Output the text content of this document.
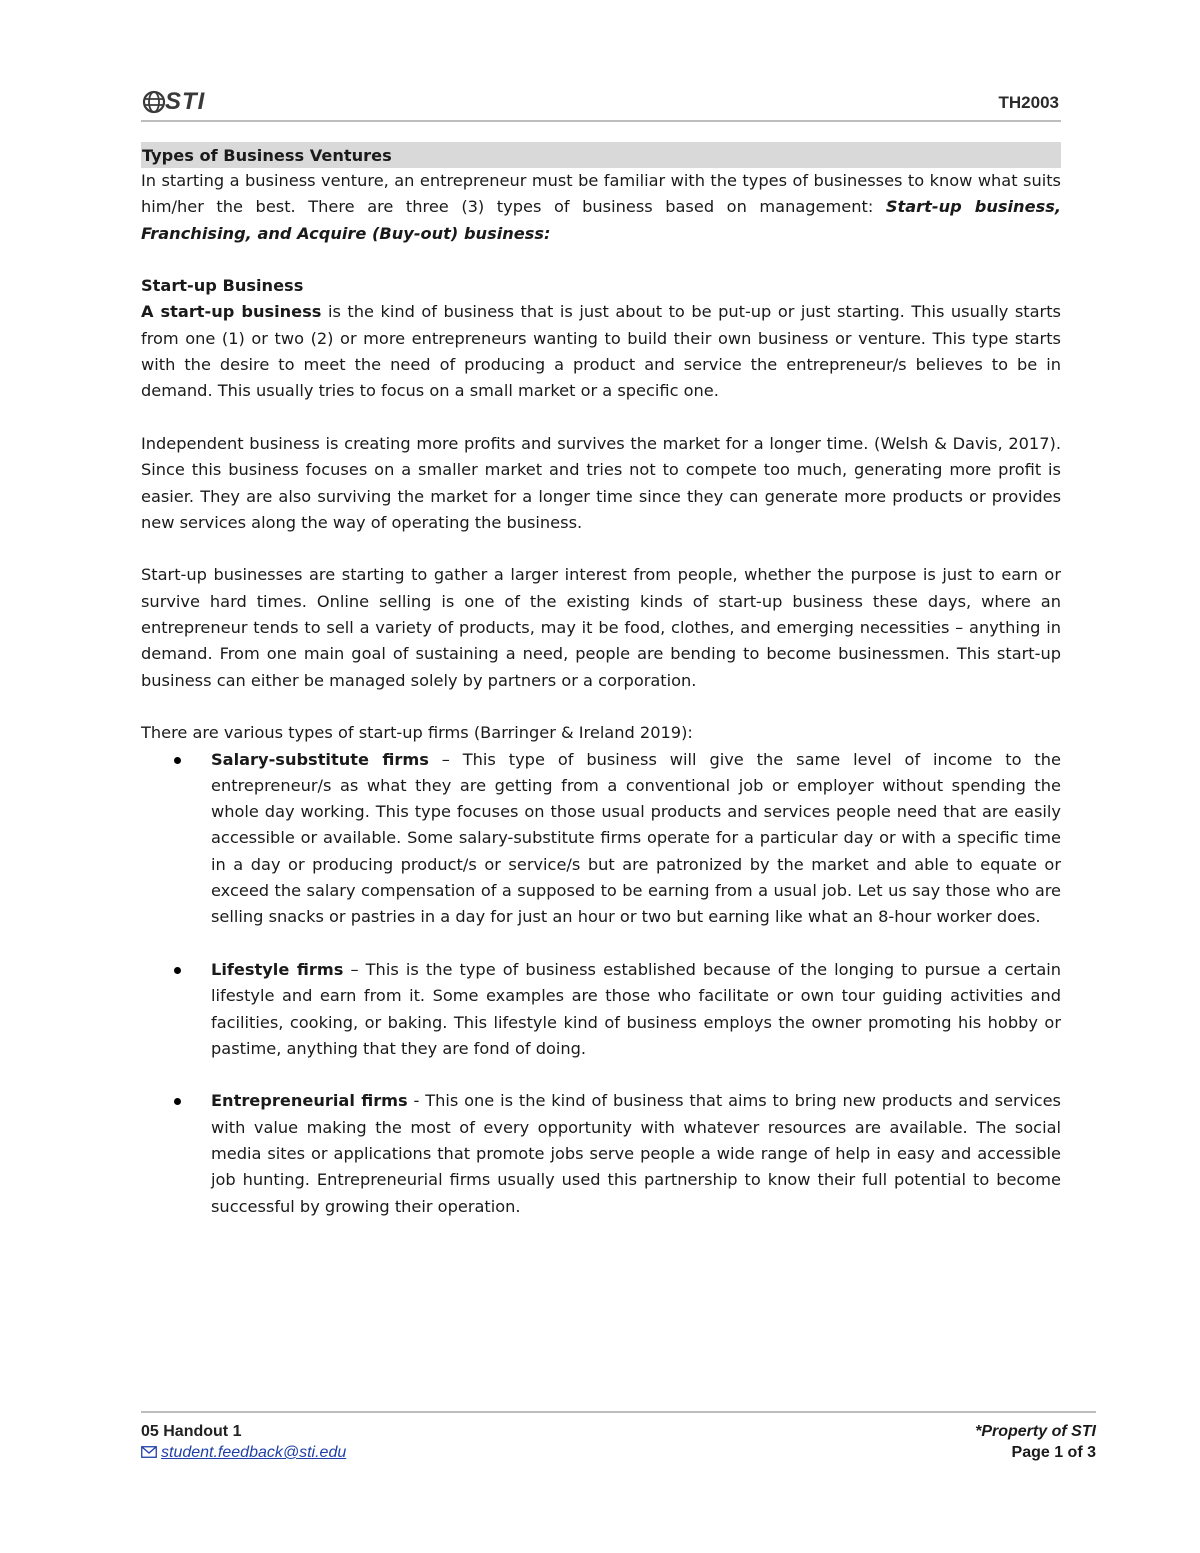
STI	TH2003
Types of Business Ventures

In starting a business venture, an entrepreneur must be familiar with the types of businesses to know what suits him/her the best. There are three (3) types of business based on management: Start-up business, Franchising, and Acquire (Buy-out) business:

Start-up Business

A start-up business is the kind of business that is just about to be put-up or just starting. This usually starts from one (1) or two (2) or more entrepreneurs wanting to build their own business or venture. This type starts with the desire to meet the need of producing a product and service the entrepreneur/s believes to be in demand. This usually tries to focus on a small market or a specific one.

Independent business is creating more profits and survives the market for a longer time. (Welsh & Davis, 2017). Since this business focuses on a smaller market and tries not to compete too much, generating more profit is easier. They are also surviving the market for a longer time since they can generate more products or provides new services along the way of operating the business.

Start-up businesses are starting to gather a larger interest from people, whether the purpose is just to earn or survive hard times. Online selling is one of the existing kinds of start-up business these days, where an entrepreneur tends to sell a variety of products, may it be food, clothes, and emerging necessities – anything in demand. From one main goal of sustaining a need, people are bending to become businessmen. This start-up business can either be managed solely by partners or a corporation.

There are various types of start-up firms (Barringer & Ireland 2019):

Salary-substitute firms – This type of business will give the same level of income to the entrepreneur/s as what they are getting from a conventional job or employer without spending the whole day working. This type focuses on those usual products and services people need that are easily accessible or available. Some salary-substitute firms operate for a particular day or with a specific time in a day or producing product/s or service/s but are patronized by the market and able to equate or exceed the salary compensation of a supposed to be earning from a usual job. Let us say those who are selling snacks or pastries in a day for just an hour or two but earning like what an 8-hour worker does.
Lifestyle firms – This is the type of business established because of the longing to pursue a certain lifestyle and earn from it. Some examples are those who facilitate or own tour guiding activities and facilities, cooking, or baking. This lifestyle kind of business employs the owner promoting his hobby or pastime, anything that they are fond of doing.
Entrepreneurial firms - This one is the kind of business that aims to bring new products and services with value making the most of every opportunity with whatever resources are available. The social media sites or applications that promote jobs serve people a wide range of help in easy and accessible job hunting. Entrepreneurial firms usually used this partnership to know their full potential to become successful by growing their operation.
05 Handout 1
student.feedback@sti.edu
*Property of STI
Page 1 of 3
